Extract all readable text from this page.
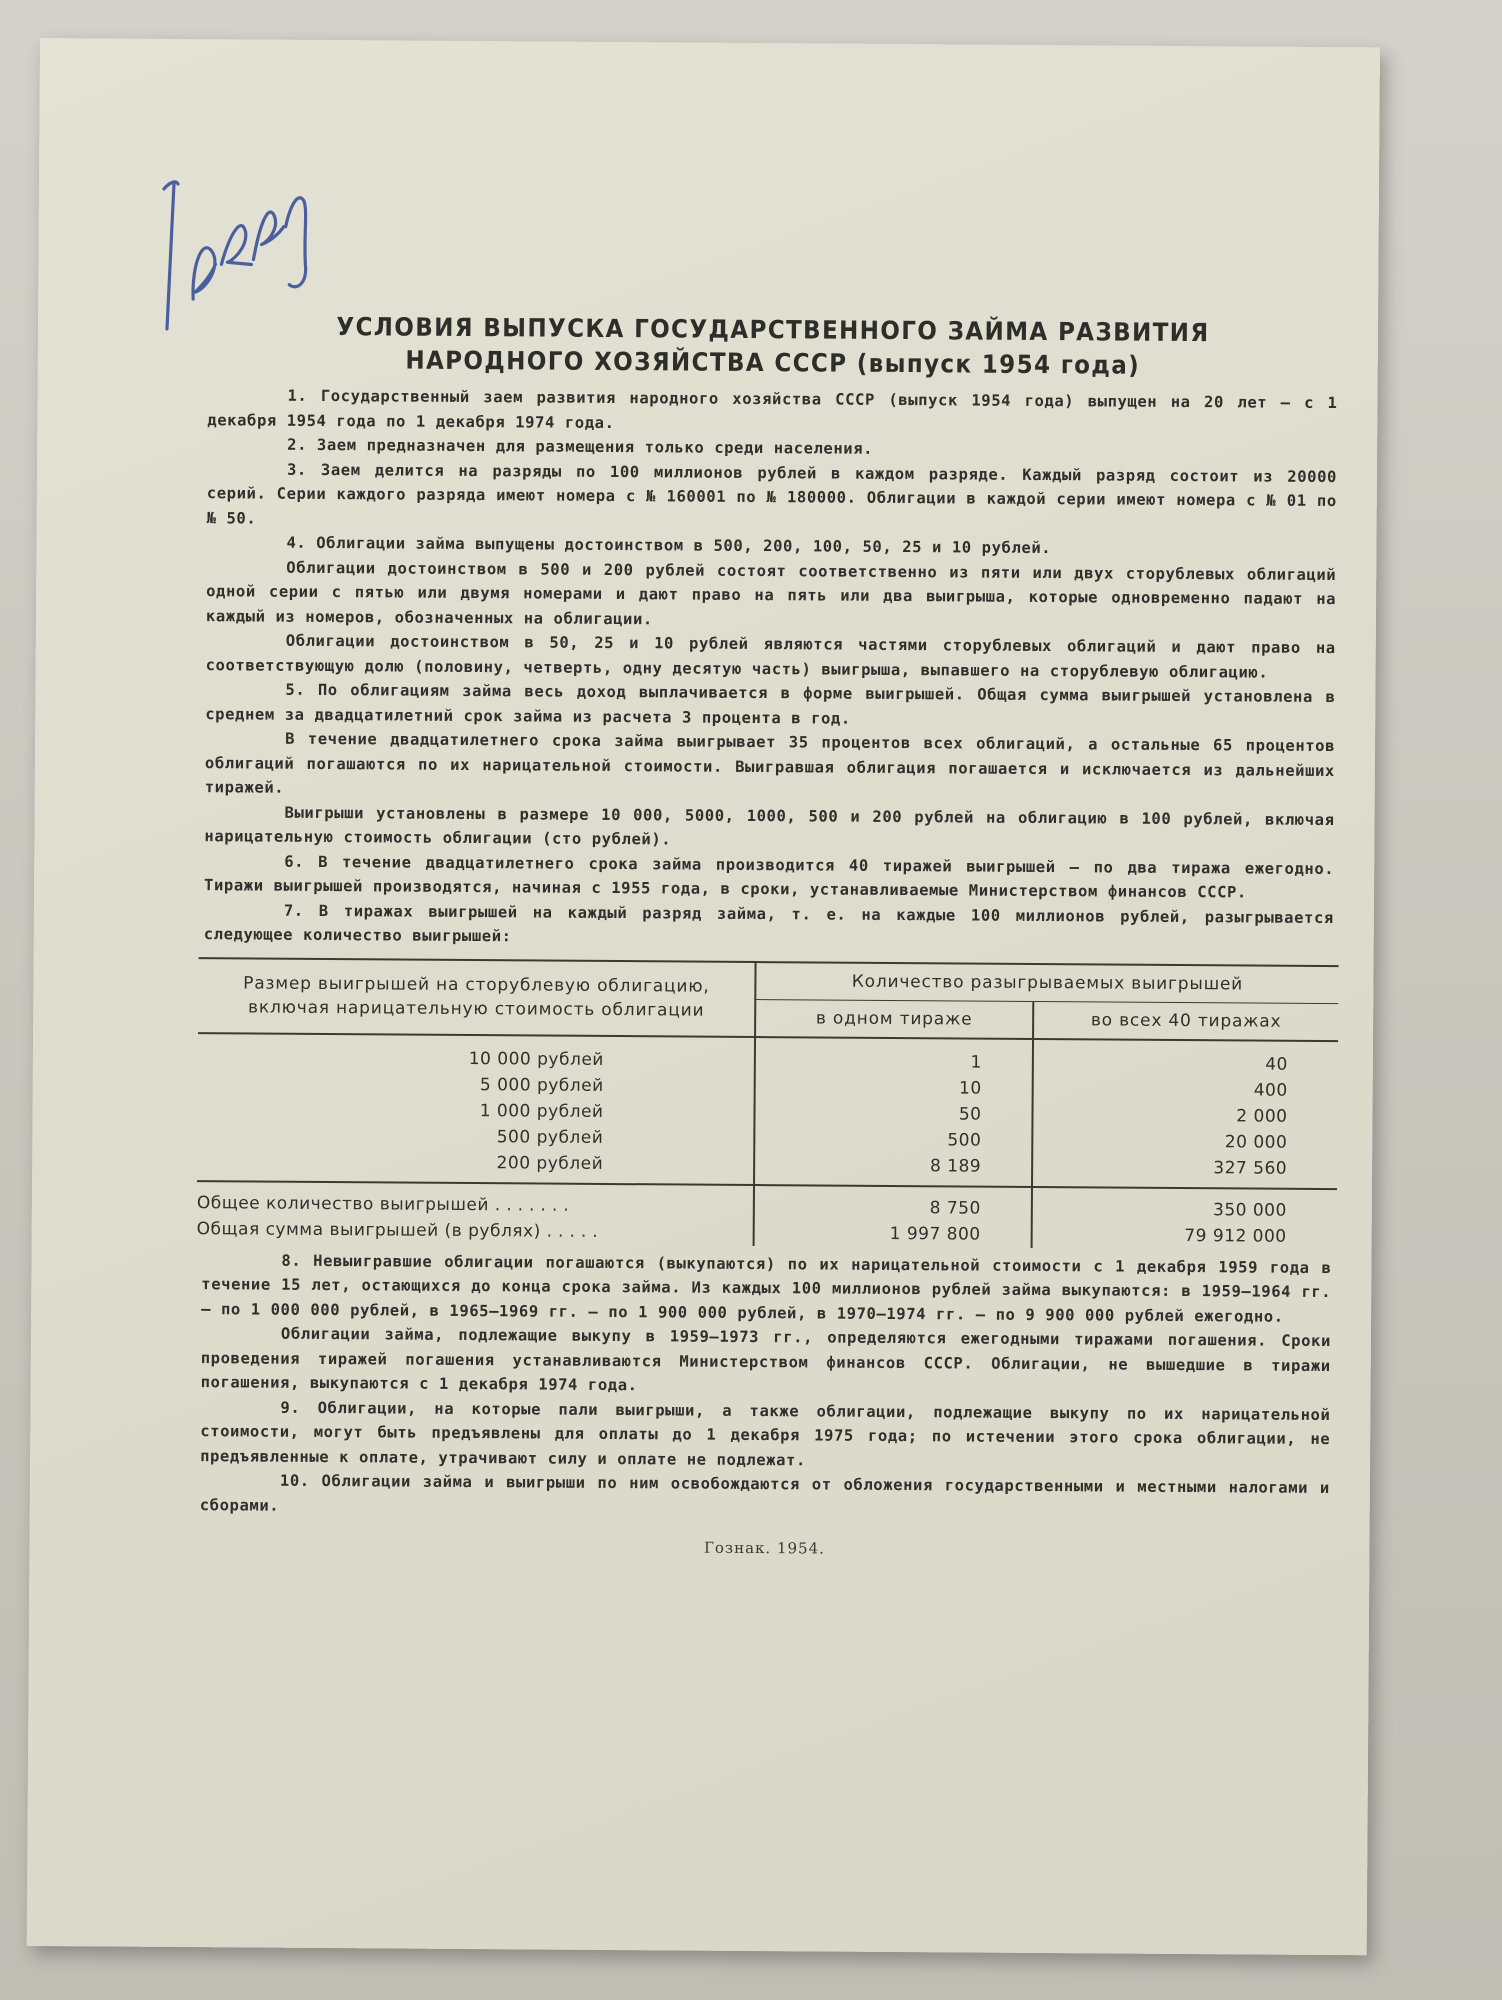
УСЛОВИЯ ВЫПУСКА ГОСУДАРСТВЕННОГО ЗАЙМА РАЗВИТИЯ
НАРОДНОГО ХОЗЯЙСТВА СССР (выпуск 1954 года)

1. Государственный заем развития народного хозяйства СССР (выпуск 1954 года) выпущен на 20 лет — с 1 декабря 1954 года по 1 декабря 1974 года.

2. Заем предназначен для размещения только среди населения.

3. Заем делится на разряды по 100 миллионов рублей в каждом разряде. Каждый разряд состоит из 20000 серий. Серии каждого разряда имеют номера с № 160001 по № 180000. Облигации в каждой серии имеют номера с № 01 по № 50.

4. Облигации займа выпущены достоинством в 500, 200, 100, 50, 25 и 10 рублей.

Облигации достоинством в 500 и 200 рублей состоят соответственно из пяти или двух сторублевых облигаций одной серии с пятью или двумя номерами и дают право на пять или два выигрыша, которые одновременно падают на каждый из номеров, обозначенных на облигации.

Облигации достоинством в 50, 25 и 10 рублей являются частями сторублевых облигаций и дают право на соответствующую долю (половину, четверть, одну десятую часть) выигрыша, выпавшего на сторублевую облигацию.

5. По облигациям займа весь доход выплачивается в форме выигрышей. Общая сумма выигрышей установлена в среднем за двадцатилетний срок займа из расчета 3 процента в год.

В течение двадцатилетнего срока займа выигрывает 35 процентов всех облигаций, а остальные 65 процентов облигаций погашаются по их нарицательной стоимости. Выигравшая облигация погашается и исключается из дальнейших тиражей.

Выигрыши установлены в размере 10 000, 5000, 1000, 500 и 200 рублей на облигацию в 100 рублей, включая нарицательную стоимость облигации (сто рублей).

6. В течение двадцатилетнего срока займа производится 40 тиражей выигрышей — по два тиража ежегодно. Тиражи выигрышей производятся, начиная с 1955 года, в сроки, устанавливаемые Министерством финансов СССР.

7. В тиражах выигрышей на каждый разряд займа, т. е. на каждые 100 миллионов рублей, разыгрывается следующее количество выигрышей:

Размер выигрышей на сторублевую облигацию, включая нарицательную стоимость облигации	Количество разыгрываемых выигрышей	
	в одном тираже	во всех 40 тиражах
10 000 рублей	1	40
5 000 рублей	10	400
1 000 рублей	50	2 000
500 рублей	500	20 000
200 рублей	8 189	327 560
Общее количество выигрышей .......	8 750	350 000
Общая сумма выигрышей (в рублях) .....	1 997 800	79 912 000

8. Невыигравшие облигации погашаются (выкупаются) по их нарицательной стоимости с 1 декабря 1959 года в течение 15 лет, остающихся до конца срока займа. Из каждых 100 миллионов рублей займа выкупаются: в 1959—1964 гг. — по 1 000 000 рублей, в 1965—1969 гг. — по 1 900 000 рублей, в 1970—1974 гг. — по 9 900 000 рублей ежегодно.

Облигации займа, подлежащие выкупу в 1959—1973 гг., определяются ежегодными тиражами погашения. Сроки проведения тиражей погашения устанавливаются Министерством финансов СССР. Облигации, не вышедшие в тиражи погашения, выкупаются с 1 декабря 1974 года.

9. Облигации, на которые пали выигрыши, а также облигации, подлежащие выкупу по их нарицательной стоимости, могут быть предъявлены для оплаты до 1 декабря 1975 года; по истечении этого срока облигации, не предъявленные к оплате, утрачивают силу и оплате не подлежат.

10. Облигации займа и выигрыши по ним освобождаются от обложения государственными и местными налогами и сборами.

Гознак. 1954.
